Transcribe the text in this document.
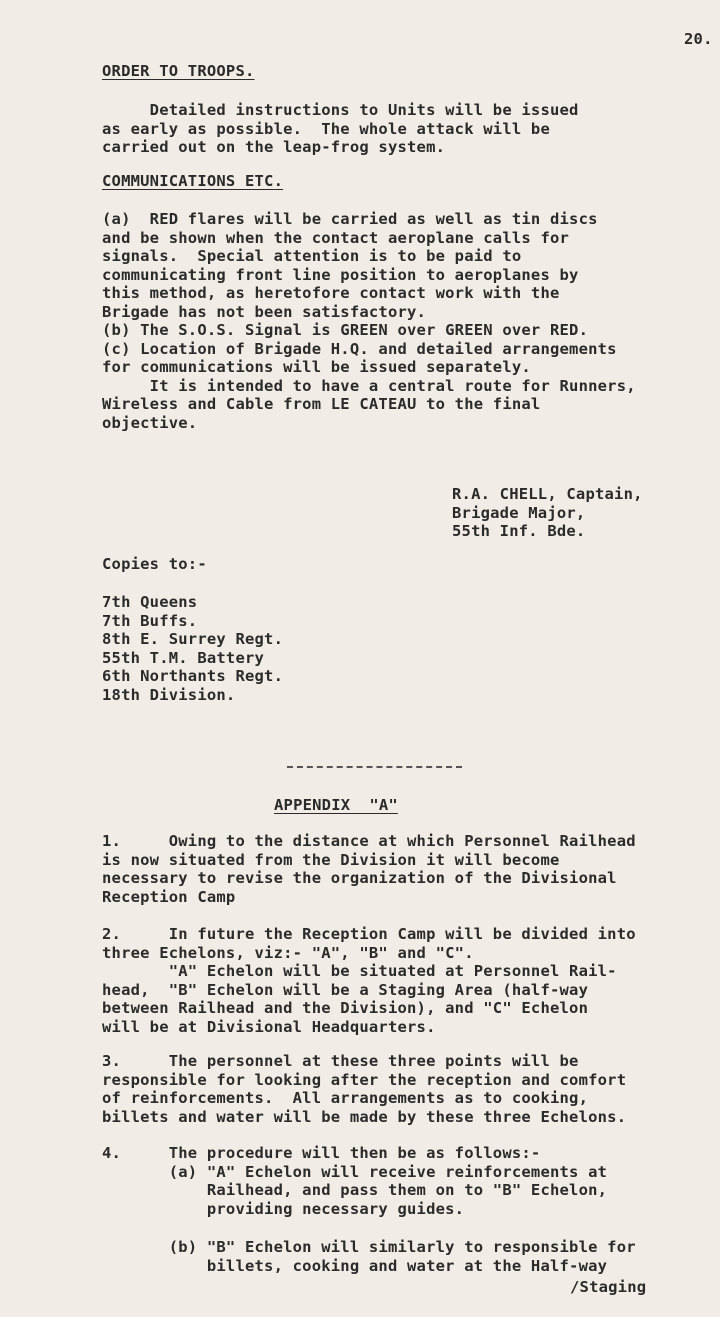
20.
ORDER TO TROOPS.
Detailed instructions to Units will be issued
as early as possible.  The whole attack will be
carried out on the leap-frog system.
COMMUNICATIONS ETC.
(a)  RED flares will be carried as well as tin discs
and be shown when the contact aeroplane calls for
signals.  Special attention is to be paid to
communicating front line position to aeroplanes by
this method, as heretofore contact work with the
Brigade has not been satisfactory.
(b) The S.O.S. Signal is GREEN over GREEN over RED.
(c) Location of Brigade H.Q. and detailed arrangements
for communications will be issued separately.
It is intended to have a central route for Runners,
Wireless and Cable from LE CATEAU to the final
objective.
R.A. CHELL, Captain,
Brigade Major,
55th Inf. Bde.
Copies to:-
7th Queens
7th Buffs.
8th E. Surrey Regt.
55th T.M. Battery
6th Northants Regt.
18th Division.
APPENDIX  "A"
1.     Owing to the distance at which Personnel Railhead
is now situated from the Division it will become
necessary to revise the organization of the Divisional
Reception Camp
2.     In future the Reception Camp will be divided into
three Echelons, viz:- "A", "B" and "C".
"A" Echelon will be situated at Personnel Rail-
head,  "B" Echelon will be a Staging Area (half-way
between Railhead and the Division), and "C" Echelon
will be at Divisional Headquarters.
3.     The personnel at these three points will be
responsible for looking after the reception and comfort
of reinforcements.  All arrangements as to cooking,
billets and water will be made by these three Echelons.
4.     The procedure will then be as follows:-
(a) "A" Echelon will receive reinforcements at
Railhead, and pass them on to "B" Echelon,
providing necessary guides.
(b) "B" Echelon will similarly to responsible for
billets, cooking and water at the Half-way
/Staging
